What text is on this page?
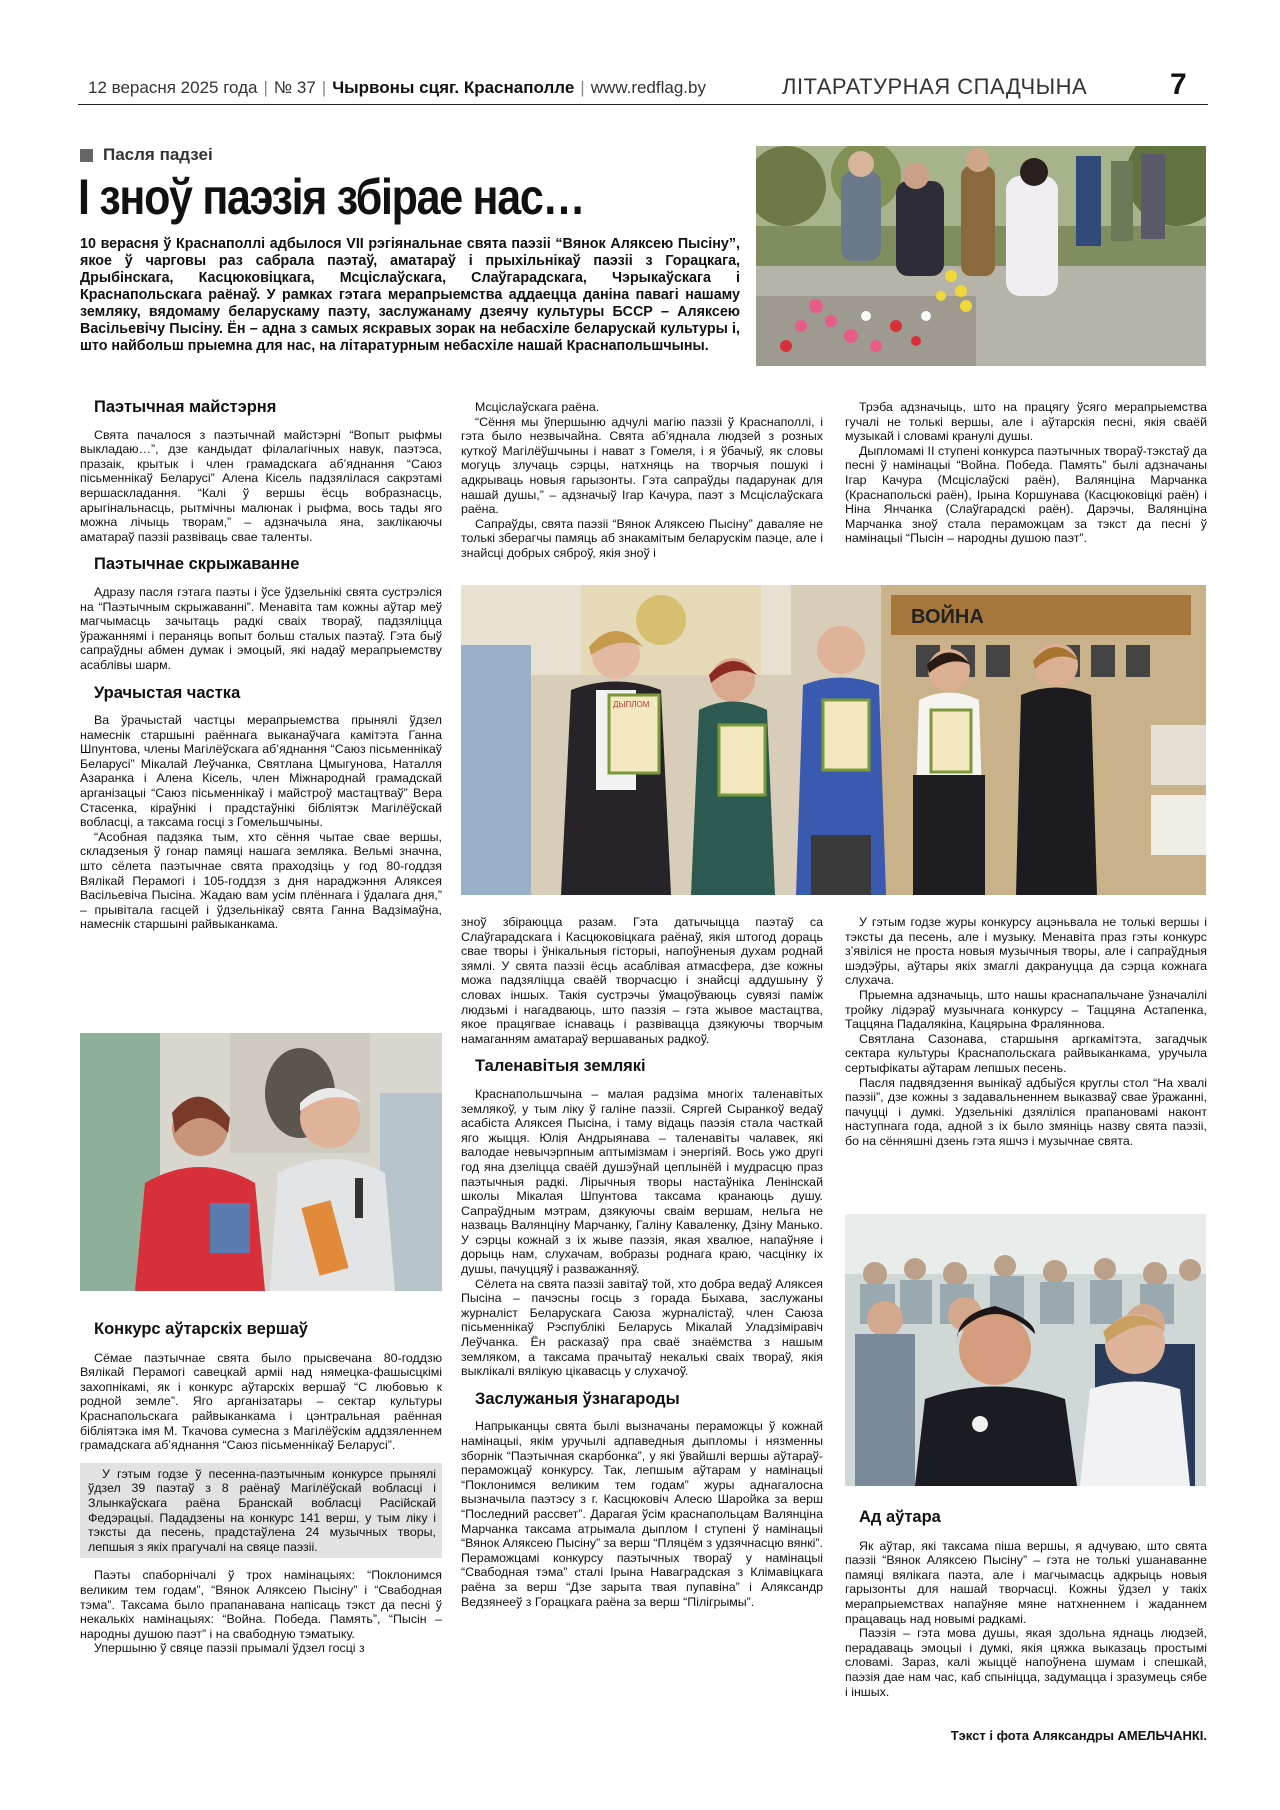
12 верасня 2025 года | № 37 | Чырвоны сцяг. Краснаполле | www.redflag.by	ЛІТАРАТУРНАЯ СПАДЧЫНА	7
Пасля падзеі
І зноў паэзія збірае нас…
10 верасня ў Краснаполлі адбылося VII рэгіянальнае свята паэзіі “Вянок Аляксею Пысіну”, якое ў чарговы раз сабрала паэтаў, аматараў і прыхільнікаў паэзіі з Горацкага, Дрыбінскага, Касцюковіцкага, Мсціслаўскага, Слаўгарадскага, Чэрыкаўскага і Краснапольскага раёнаў. У рамках гэтага мерапрыемства аддаецца даніна павагі нашаму земляку, вядомаму беларускаму паэту, заслужанаму дзеячу культуры БССР – Аляксею Васільевічу Пысіну. Ён – адна з самых яскравых зорак на небасхіле беларускай культуры і, што найбольш прыемна для нас, на літаратурным небасхіле нашай Краснапольшчыны.
Паэтычная майстэрня

Свята пачалося з паэтычнай майстэрні “Вопыт рыфмы выкладаю…”, дзе кандыдат філалагічных навук, паэтэса, празаік, крытык і член грамадскага аб’яднання “Саюз пісьменнікаў Беларусі” Алена Кісель падзялілася сакрэтамі вершаскладання. “Калі ў вершы ёсць вобразнасць, арыгінальнасць, рытмічны малюнак і рыфма, вось тады яго можна лічыць творам,” – адзначыла яна, заклікаючы аматараў паэзіі развіваць свае таленты.

Паэтычнае скрыжаванне

Адразу пасля гэтага паэты і ўсе ўдзельнікі свята сустрэліся на “Паэтычным скрыжаванні”. Менавіта там кожны аўтар меў магчымасць зачытаць радкі сваіх твораў, падзяліцца ўражаннямі і пераняць вопыт больш сталых паэтаў. Гэта быў сапраўдны абмен думак і эмоцый, які надаў мерапрыемству асаблівы шарм.

Урачыстая частка

Ва ўрачыстай частцы мерапрыемства прынялі ўдзел намеснік старшыні раённага выканаўчага камітэта Ганна Шпунтова, члены Магілёўскага аб’яднання “Саюз пісьменнікаў Беларусі” Мікалай Леўчанка, Святлана Цмыгунова, Наталля Азаранка і Алена Кісель, член Міжнароднай грамадскай арганізацыі “Саюз пісьменнікаў і майстроў мастацтваў” Вера Стасенка, кіраўнікі і прадстаўнікі бібліятэк Магілёўскай вобласці, а таксама госці з Гомельшчыны.

“Асобная падзяка тым, хто сёння чытае свае вершы, складзеныя ў гонар памяці нашага земляка. Вельмі значна, што сёлета паэтычнае свята праходзіць у год 80-годдзя Вялікай Перамогі і 105-годдзя з дня нараджэння Аляксея Васільевіча Пысіна. Жадаю вам усім плённага і ўдалага дня,” – прывітала гасцей і ўдзельнікаў свята Ганна Вадзімаўна, намеснік старшыні райвыканкама.

Конкурс аўтарскіх вершаў

Сёмае паэтычнае свята было прысвечана 80-годдзю Вялікай Перамогі савецкай арміі над нямецка-фашысцкімі захопнікамі, як і конкурс аўтарскіх вершаў “С любовью к родной земле”. Яго арганізатары – сектар культуры Краснапольскага райвыканкама і цэнтральная раённая бібліятэка імя М. Ткачова сумесна з Магілёўскім аддзяленнем грамадскага аб’яднання “Саюз пісьменнікаў Беларусі”.

У гэтым годзе ў песенна-паэтычным конкурсе прынялі ўдзел 39 паэтаў з 8 раёнаў Магілёўскай вобласці і Злынкаўскага раёна Бранскай вобласці Расійскай Федэрацыі. Пададзены на конкурс 141 верш, у тым ліку і тэксты да песень, прадстаўлена 24 музычных творы, лепшыя з якіх прагучалі на свяце паэзіі.

Паэты спаборнічалі ў трох намінацыях: “Поклонимся великим тем годам”, “Вянок Аляксею Пысіну” і “Свабодная тэма”. Таксама было прапанавана напісаць тэкст да песні ў некалькіх намінацыях: “Война. Победа. Память”, “Пысін – народны душою паэт” і на свабодную тэматыку.

Упершыню ў свяце паэзіі прымалі ўдзел госці з

Мсціслаўскага раёна.

“Сёння мы ўпершыню адчулі магію паэзіі ў Краснаполлі, і гэта было незвычайна. Свята аб’яднала людзей з розных куткоў Магілёўшчыны і нават з Гомеля, і я ўбачыў, як словы могуць злучаць сэрцы, натхняць на творчыя пошукі і адкрываць новыя гарызонты. Гэта сапраўды падарунак для нашай душы,” – адзначыў Ігар Качура, паэт з Мсціслаўскага раёна.

Сапраўды, свята паэзіі “Вянок Аляксею Пысіну” даваляе не толькі зберагчы памяць аб знакамітым беларускім паэце, але і знайсці добрых сяброў, якія зноў і

Трэба адзначыць, што на працягу ўсяго мерапрыемства гучалі не толькі вершы, але і аўтарскія песні, якія сваёй музыкай і словамі кранулі душы.

Дыпломамі ІІ ступені конкурса паэтычных твораў-тэкстаў да песні ў намінацыі “Война. Победа. Память” былі адзначаны Ігар Качура (Мсціслаўскі раён), Валянціна Марчанка (Краснапольскі раён), Ірына Коршунава (Касцюковіцкі раён) і Ніна Янчанка (Слаўгарадскі раён). Дарэчы, Валянціна Марчанка зноў стала пераможцам за тэкст да песні ў намінацыі “Пысін – народны душою паэт”.

ВОЙНА
ДЫПЛОМ

зноў збіраюцца разам. Гэта датычыцца паэтаў са Слаўгарадскага і Касцюковіцкага раёнаў, якія штогод дораць свае творы і ўнікальныя гісторыі, напоўненыя духам роднай зямлі. У свята паэзіі ёсць асаблівая атмасфера, дзе кожны можа падзяліцца сваёй творчасцю і знайсці аддушыну ў словах іншых. Такія сустрэчы ўмацоўваюць сувязі паміж людзьмі і нагадваюць, што паэзія – гэта жывое мастацтва, якое працягвае існаваць і развівацца дзякуючы творчым намаганням аматараў вершаваных радкоў.

Таленавітыя землякі

Краснапольшчына – малая радзіма многіх таленавітых землякоў, у тым ліку ў галіне паэзіі. Сяргей Сыранкоў ведаў асабіста Аляксея Пысіна, і таму відаць паэзія стала часткай яго жыцця. Юлія Андрыянава – таленавіты чалавек, які валодае невычэрпным аптымізмам і энергіяй. Вось ужо другі год яна дзеліцца сваёй душэўнай цеплынёй і мудрасцю праз паэтычныя радкі. Лірычныя творы настаўніка Ленінскай школы Мікалая Шпунтова таксама кранаюць душу. Сапраўдным мэтрам, дзякуючы сваім вершам, нельга не назваць Валянціну Марчанку, Галіну Каваленку, Дзіну Манько. У сэрцы кожнай з іх жыве паэзія, якая хвалюе, напаўняе і дорыць нам, слухачам, вобразы роднага краю, часцінку іх душы, пачуццяў і разважанняў.

Сёлета на свята паэзіі завітаў той, хто добра ведаў Аляксея Пысіна – пачэсны госць з горада Быхава, заслужаны журналіст Беларускага Саюза журналістаў, член Саюза пісьменнікаў Рэспублікі Беларусь Мікалай Уладзіміравіч Леўчанка. Ён расказаў пра сваё знаёмства з нашым земляком, а таксама прачытаў некалькі сваіх твораў, якія выклікалі вялікую цікавасць у слухачоў.

Заслужаныя ўзнагароды

Напрыканцы свята былі вызначаны пераможцы ў кожнай намінацыі, якім уручылі адпаведныя дыпломы і нязменны зборнік “Паэтычная скарбонка”, у які ўвайшлі вершы аўтараў-пераможцаў конкурсу. Так, лепшым аўтарам у намінацыі “Поклонимся великим тем годам” журы аднагалосна вызначыла паэтэсу з г. Касцюковіч Алесю Шаройка за верш “Последний рассвет”. Дарагая ўсім краснапольцам Валянціна Марчанка таксама атрымала дыплом І ступені ў намінацыі “Вянок Аляксею Пысіну” за верш “Пляцём з удзячнасцю вянкі”. Пераможцамі конкурсу паэтычных твораў у намінацыі “Свабодная тэма” сталі Ірына Наваградская з Клімавіцкага раёна за верш “Дзе зарыта твая пупавіна” і Аляксандр Ведзянееў з Горацкага раёна за верш “Пілігрымы”.

У гэтым годзе журы конкурсу ацэньвала не толькі вершы і тэксты да песень, але і музыку. Менавіта праз гэты конкурс з’явіліся не проста новыя музычныя творы, але і сапраўдныя шэдэўры, аўтары якіх змаглі дакрануцца да сэрца кожнага слухача.

Прыемна адзначыць, што нашы краснапальчане ўзначалілі тройку лідэраў музычнага конкурсу – Таццяна Астапенка, Таццяна Падалякіна, Кацярына Фраляннова.

Святлана Сазонава, старшыня аргкамітэта, загадчык сектара культуры Краснапольскага райвыканкама, уручыла сертыфікаты аўтарам лепшых песень.

Пасля падвядзення вынікаў адбыўся круглы стол “На хвалі паэзіі”, дзе кожны з задавальненнем выказваў свае ўражанні, пачуцці і думкі. Удзельнікі дзяліліся прапановамі наконт наступнага года, адной з іх было змяніць назву свята паэзіі, бо на сённяшні дзень гэта яшчэ і музычнае свята.

Ад аўтара

Як аўтар, які таксама пішa вершы, я адчуваю, што свята паэзіі “Вянок Аляксею Пысіну” – гэта не толькі ушанаванне памяці вялікага паэта, але і магчымасць адкрыць новыя гарызонты для нашай творчасці. Кожны ўдзел у такіх мерапрыемствах напаўняе мяне натхненнем і жаданнем працаваць над новымі радкамі.

Паэзія – гэта мова душы, якая здольна яднаць людзей, перадаваць эмоцыі і думкі, якія цяжка выказаць простымі словамі. Зараз, калі жыццё напоўнена шумам і спешкай, паэзія дае нам час, каб спыніцца, задумацца і зразумець сябе і іншых.

Тэкст і фота Аляксандры АМЕЛЬЧАНКІ.
